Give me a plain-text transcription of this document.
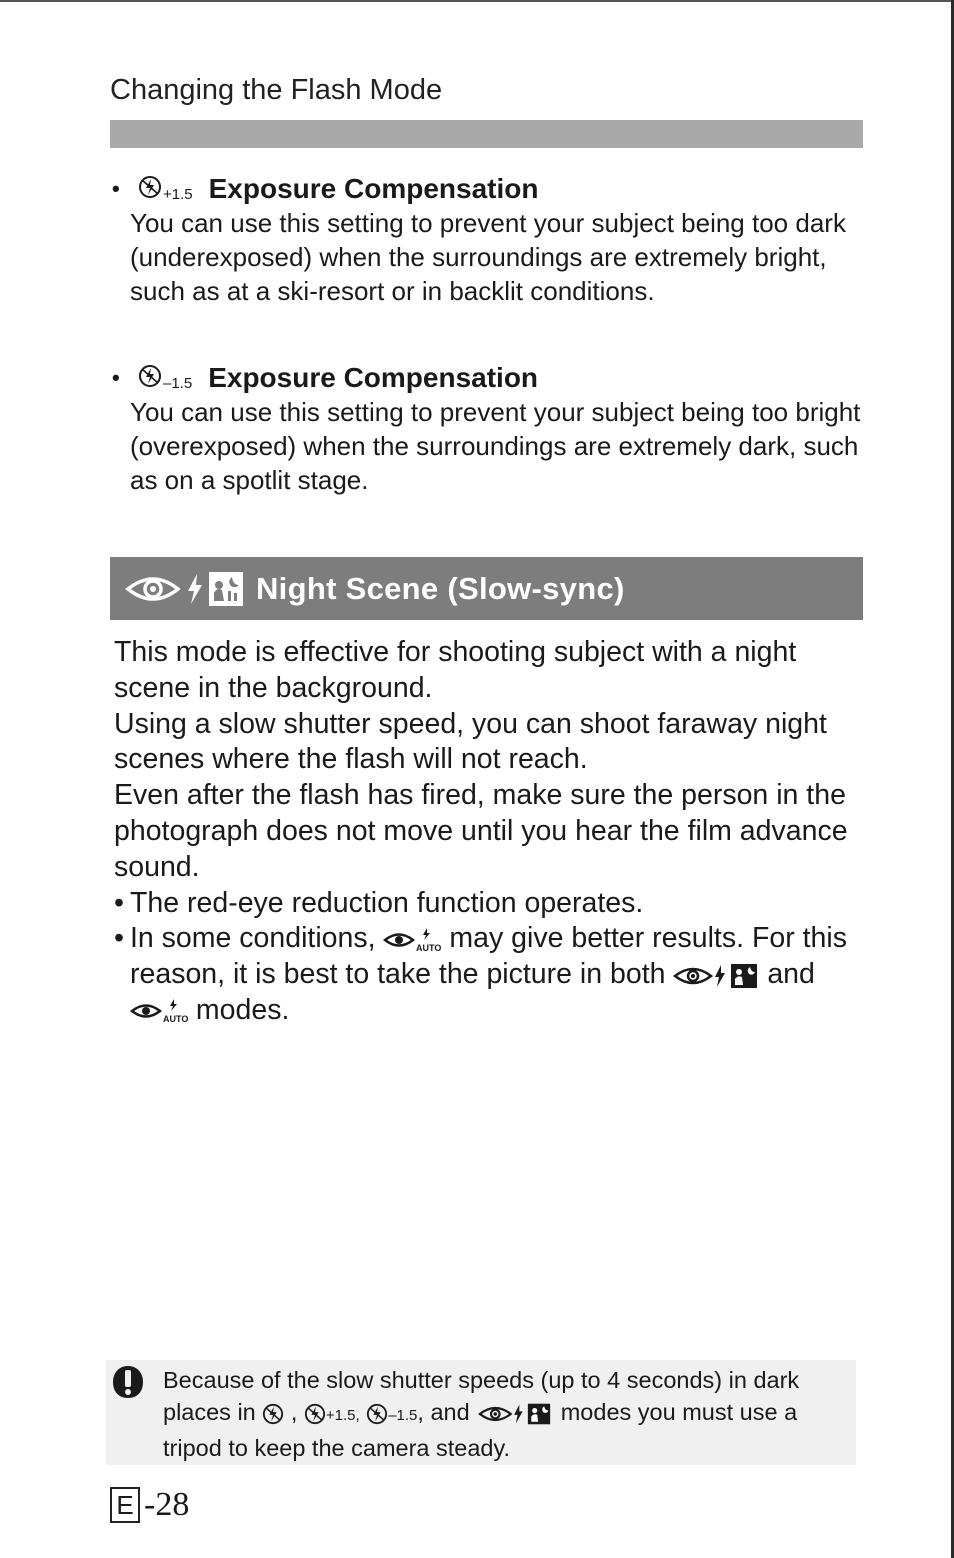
Changing the Flash Mode
•	+1.5 Exposure Compensation
You can use this setting to prevent your subject being too dark (underexposed) when the surroundings are extremely bright, such as at a ski-resort or in backlit conditions.
•	–1.5 Exposure Compensation
You can use this setting to prevent your subject being too bright (overexposed) when the surroundings are extremely dark, such as on a spotlit stage.
Night Scene (Slow-sync)

This mode is effective for shooting subject with a night scene in the background.

Using a slow shutter speed, you can shoot faraway night scenes where the flash will not reach.

Even after the flash has fired, make sure the person in the photograph does not move until you hear the film advance sound.

• The red-eye reduction function operates.
• In some conditions,	AUTO may give better results. For this reason, it is best to take the picture in both	and
AUTO modes.
Because of the slow shutter speeds (up to 4 seconds) in dark places in , +1.5, –1.5, and	modes you must use a tripod to keep the camera steady.
E -28
